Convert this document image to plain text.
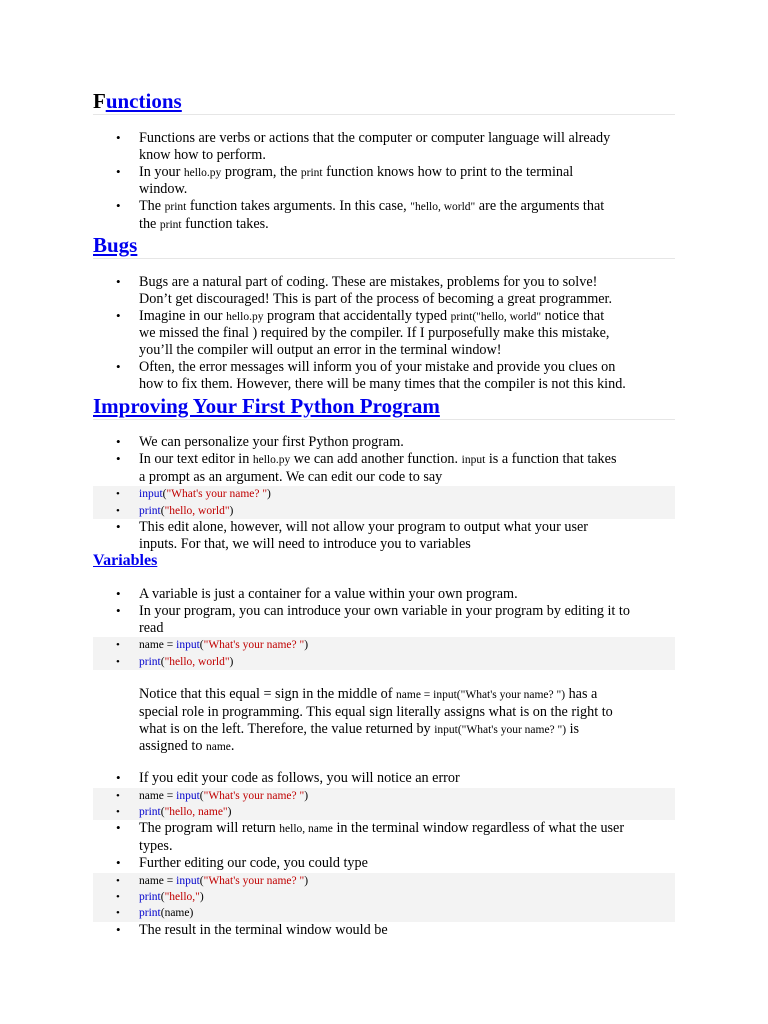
Functions
• Functions are verbs or actions that the computer or computer language will already
know how to perform.
• In your hello.py program, the print function knows how to print to the terminal
window.
• The print function takes arguments. In this case, "hello, world" are the arguments that
the print function takes.
Bugs
• Bugs are a natural part of coding. These are mistakes, problems for you to solve!
Don’t get discouraged! This is part of the process of becoming a great programmer.
• Imagine in our hello.py program that accidentally typed print("hello, world" notice that
we missed the final ) required by the compiler. If I purposefully make this mistake,
you’ll the compiler will output an error in the terminal window!
• Often, the error messages will inform you of your mistake and provide you clues on
how to fix them. However, there will be many times that the compiler is not this kind.
Improving Your First Python Program
• We can personalize your first Python program.
• In our text editor in hello.py we can add another function. input is a function that takes
a prompt as an argument. We can edit our code to say
• input("What's your name? ")
• print("hello, world")
• This edit alone, however, will not allow your program to output what your user
inputs. For that, we will need to introduce you to variables
Variables
• A variable is just a container for a value within your own program.
• In your program, you can introduce your own variable in your program by editing it to
read
• name = input("What's your name? ")
• print("hello, world")
Notice that this equal = sign in the middle of name = input("What's your name? ") has a
special role in programming. This equal sign literally assigns what is on the right to
what is on the left. Therefore, the value returned by input("What's your name? ") is
assigned to name.
• If you edit your code as follows, you will notice an error
• name = input("What's your name? ")
• print("hello, name")
• The program will return hello, name in the terminal window regardless of what the user
types.
• Further editing our code, you could type
• name = input("What's your name? ")
• print("hello,")
• print(name)
• The result in the terminal window would be
